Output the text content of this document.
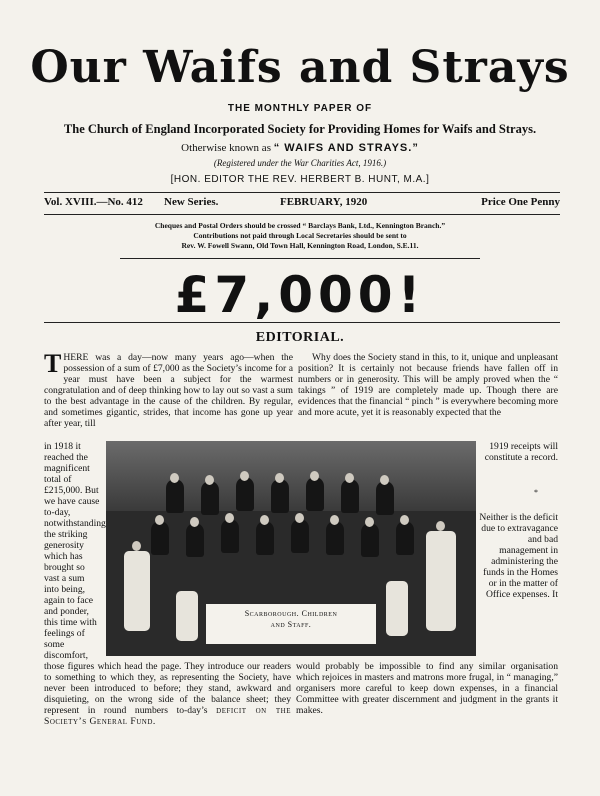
Our Waifs and Strays
THE MONTHLY PAPER OF
The Church of England Incorporated Society for Providing Homes for Waifs and Strays.
Otherwise known as “ WAIFS AND STRAYS.”
(Registered under the War Charities Act, 1916.)
[HON. EDITOR THE REV. HERBERT B. HUNT, M.A.]
Vol. XVIII.—No. 412 New Series.	FEBRUARY, 1920	Price One Penny
Cheques and Postal Orders should be crossed “ Barclays Bank, Ltd., Kennington Branch.”
Contributions not paid through Local Secretaries should be sent to
Rev. W. Fowell Swann, Old Town Hall, Kennington Road, London, S.E.11.
£7,000!
EDITORIAL.
T HERE was a day—now many years ago—when the possession of a sum of £7,000 as the Society’s income for a year must have been a subject for the warmest congratulation and of deep thinking how to lay out so vast a sum to the best advantage in the cause of the children. By regular, and sometimes gigantic, strides, that income has gone up year after year, till

in 1918 it reached the magnificent total of £215,000. But we have cause to-day, notwithstanding the striking generosity which has brought so vast a sum into being, again to face and ponder, this time with feelings of some discomfort,

Why does the Society stand in this, to it, unique and unpleasant position? It is certainly not because friends have fallen off in numbers or in generosity. This will be amply proved when the “ takings ” of 1919 are completely made up. Though there are evidences that the financial “ pinch ” is everywhere becoming more and more acute, yet it is reasonably expected that the

1919 receipts will constitute a record.

*

Neither is the deficit due to extravagance and bad management in administering the funds in the Homes or in the matter of Office expenses. It

Scarborough. Children
and Staff.

those figures which head the page. They introduce our readers to something to which they, as representing the Society, have never been introduced to before; they stand, awkward and disquieting, on the wrong side of the balance sheet; they represent in round numbers to-day’s deficit on the Society’s General Fund.

would probably be impossible to find any similar organisation which rejoices in masters and matrons more frugal, in “ managing,” organisers more careful to keep down expenses, in a financial Committee with greater discernment and judgment in the grants it makes.
